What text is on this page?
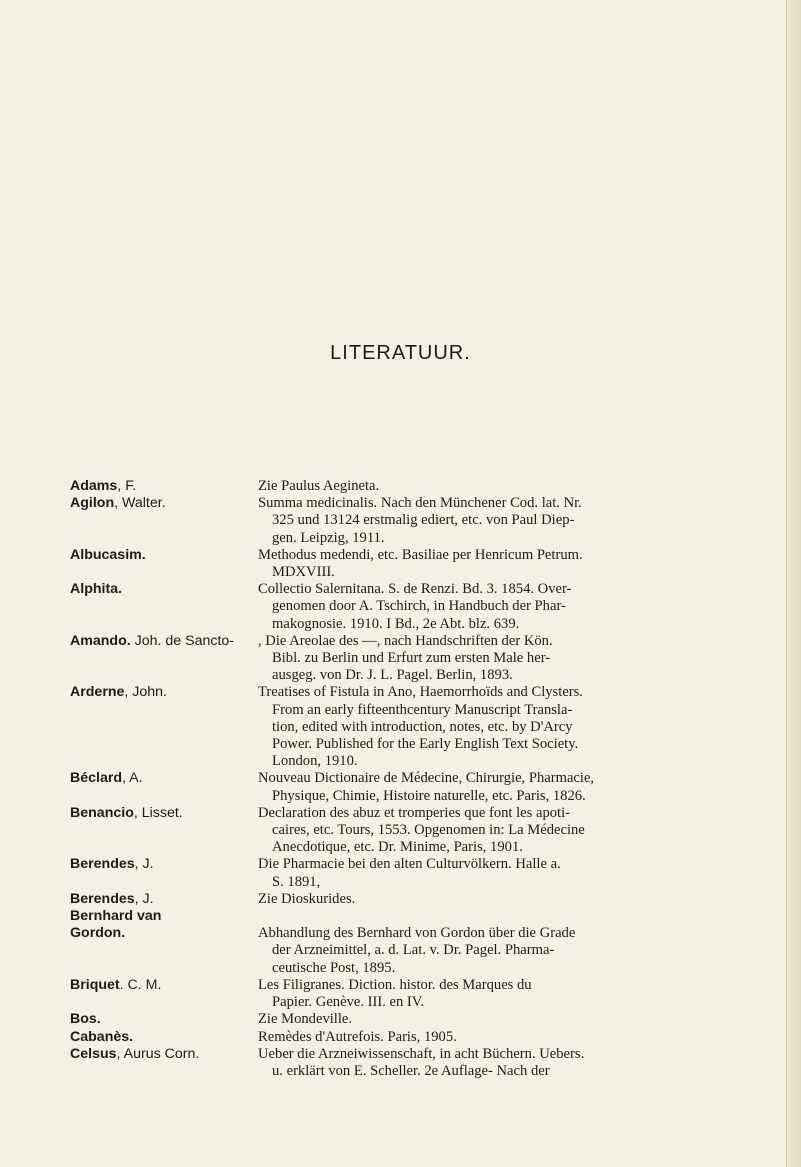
LITERATUUR.
Adams, F.	Zie Paulus Aegineta.
Agilon, Walter.	Summa medicinalis. Nach den Münchener Cod. lat. Nr.
325 und 13124 erstmalig ediert, etc. von Paul Diep-
gen. Leipzig, 1911.
Albucasim.	Methodus medendi, etc. Basiliae per Henricum Petrum.
MDXVIII.
Alphita.	Collectio Salernitana. S. de Renzi. Bd. 3. 1854. Over-
genomen door A. Tschirch, in Handbuch der Phar-
makognosie. 1910. I Bd., 2e Abt. blz. 639.
Amando. Joh. de Sancto- , Die Areolae des —, nach Handschriften der Kön.
Bibl. zu Berlin und Erfurt zum ersten Male her-
ausgeg. von Dr. J. L. Pagel. Berlin, 1893.
Arderne, John.	Treatises of Fistula in Ano, Haemorrhoïds and Clysters.
From an early fifteenthcentury Manuscript Transla-
tion, edited with introduction, notes, etc. by D'Arcy
Power. Published for the Early English Text Society.
London, 1910.
Béclard, A.	Nouveau Dictionaire de Médecine, Chirurgie, Pharmacie,
Physique, Chimie, Histoire naturelle, etc. Paris, 1826.
Benancio, Lisset.	Declaration des abuz et tromperies que font les apoti-
caires, etc. Tours, 1553. Opgenomen in: La Médecine
Anecdotique, etc. Dr. Minime, Paris, 1901.
Berendes, J.	Die Pharmacie bei den alten Culturvölkern. Halle a.
S. 1891,
Berendes, J.	Zie Dioskurides.
Bernhard van

Gordon.	Abhandlung des Bernhard von Gordon über die Grade
der Arzneimittel, a. d. Lat. v. Dr. Pagel. Pharma-
ceutische Post, 1895.
Briquet. C. M.	Les Filigranes. Diction. histor. des Marques du
Papier. Genève. III. en IV.
Bos.	Zie Mondeville.
Cabanès.	Remèdes d'Autrefois. Paris, 1905.
Celsus, Aurus Corn.	Ueber die Arzneiwissenschaft, in acht Büchern. Uebers.
u. erklärt von E. Scheller. 2e Auflage- Nach der
